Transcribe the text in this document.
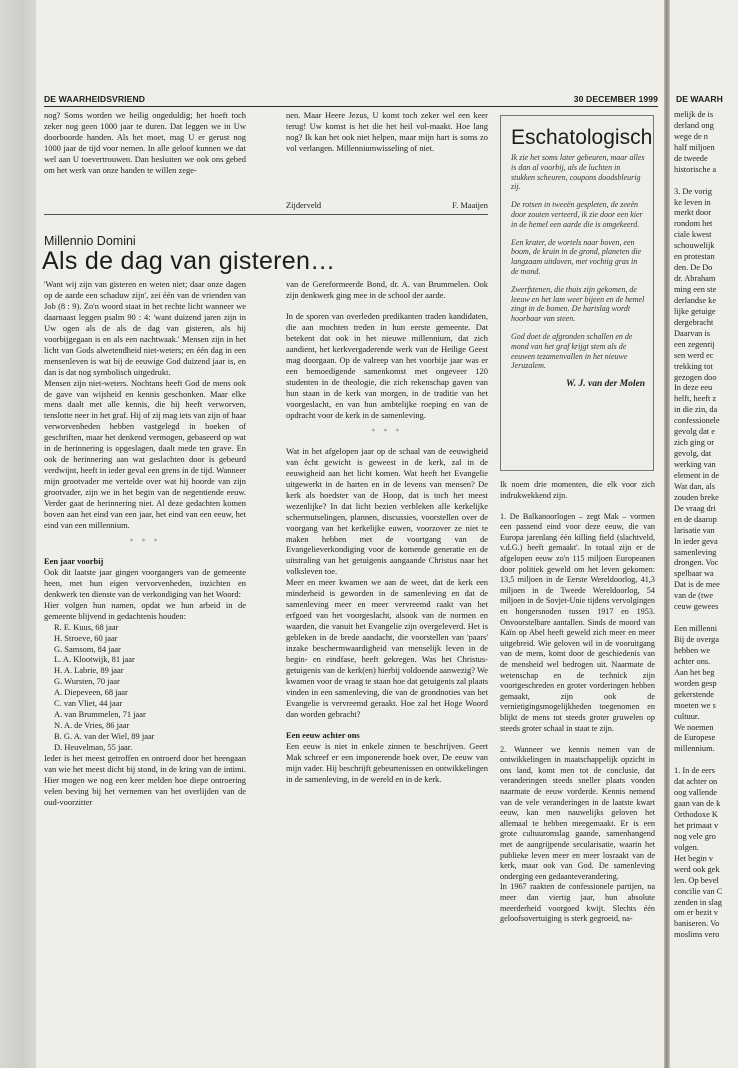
DE WAARHEIDSVRIEND	30 DECEMBER 1999

nog? Soms worden we heilig ongeduldig; het hoeft toch zeker nog geen 1000 jaar te duren. Dat leggen we in Uw doorboorde handen. Als het moet, mag U er gerust nog 1000 jaar de tijd voor nemen. In alle geloof kunnen we dat wel aan U toevertrouwen. Dan besluiten we ook ons gebed om het werk van onze handen te willen zege-

nen. Maar Heere Jezus, U komt toch zeker wel een keer terug! Uw komst is het die het heil vol-maakt. Hoe lang nog? Ik kan het ook niet helpen, maar mijn hart is soms zo vol verlangen. Millenniumwisseling of niet.

Zijderveld	F. Maaijen
Millennio Domini
Als de dag van gisteren…

'Want wij zijn van gisteren en weten niet; daar onze dagen op de aarde een schaduw zijn', zei één van de vrienden van Job (8 : 9). Zo'n woord staat in het rechte licht wanneer we daarnaast leggen psalm 90 : 4: 'want duizend jaren zijn in Uw ogen als de als de dag van gisteren, als hij voorbijgegaan is en als een nachtwaak.' Mensen zijn in het licht van Gods alwetendheid niet-weters; en één dag in een mensenleven is wat bij de eeuwige God duizend jaar is, en dan is dat nog symbolisch uitgedrukt.

Mensen zijn niet-weters. Nochtans heeft God de mens ook de gave van wijsheid en kennis geschonken. Maar elke mens daalt met alle kennis, die hij heeft verworven, tenslotte neer in het graf. Hij of zij mag iets van zijn of haar verworvenheden hebben vastgelegd in boeken of geschriften, maar het denkend vermogen, gebaseerd op wat in de herinnering is opgeslagen, daalt mede ten grave. En ook de herinnering aan wat geslachten door is gebeurd verdwijnt, heeft in ieder geval een grens in de tijd. Wanneer mijn grootvader me vertelde over wat hij hoorde van zijn grootvader, zijn we in het begin van de negentiende eeuw. Verder gaat de herinnering niet. Al deze gedachten komen boven aan het eind van een jaar, het eind van een eeuw, het eind van een millennium.

* * *

Een jaar voorbij

Ook dit laatste jaar gingen voorgangers van de gemeente heen, met hun eigen vervorvenheden, inzichten en denkwerk ten dienste van de verkondiging van het Woord:

Hier volgen hun namen, opdat we hun arbeid in de gemeente blijvend in gedachtenis houden:

R. E. Kuus, 68 jaar

H. Stroeve, 60 jaar

G. Samsom, 84 jaar

L. A. Klootwijk, 81 jaar

H. A. Labrie, 89 jaar

G. Wursten, 70 jaar

A. Diepeveen, 68 jaar

C. van Vliet, 44 jaar

A. van Brummelen, 71 jaar

N. A. de Vries, 86 jaar

B. G. A. van der Wiel, 89 jaar

D. Heuvelman, 55 jaar.

Ieder is het meest getroffen en ontroerd door het heengaan van wie het meest dicht bij stond, in de kring van de intimi. Hier mogen we nog een keer melden hoe diepe ontroering velen beving bij het vernemen van het overlijden van de oud-voorzitter

van de Gereformeerde Bond, dr. A. van Brummelen. Ook zijn denkwerk ging mee in de school der aarde.

In de sporen van overleden predikanten traden kandidaten, die aan mochten treden in hun eerste gemeente. Dat betekent dat ook in het nieuwe millennium, dat zich aandient, het kerkvergaderende werk van de Heilige Geest mag doorgaan. Op de valreep van het voorbije jaar was er een bemoedigende samenkomst met ongeveer 120 studenten in de theologie, die zich rekenschap gaven van hun staan in de kerk van morgen, in de traditie van het voorgeslacht, en van hun ambtelijke roeping en van de opdracht voor de kerk in de samenleving.

* * *

Wat in het afgelopen jaar op de schaal van de eeuwigheid van ècht gewicht is geweest in de kerk, zal in de eeuwigheid aan het licht komen. Wat heeft het Evangelie uitgewerkt in de harten en in de levens van mensen? De kerk als hoedster van de Hoop, dat is toch het meest wezenlijke? In dat licht bezien verbleken alle kerkelijke schermutselingen, plannen, discussies, voorstellen over de voorgang van het kerkelijke euwen, voorzover ze niet te maken hebben met de voortgang van de Evangelieverkondiging voor de komende generatie en de uitstraling van het getuigenis aangaande Christus naar het volksleven toe.

Meer en meer kwamen we aan de weet, dat de kerk een minderheid is geworden in de samenleving en dat de samenleving meer en meer vervreemd raakt van het erfgoed van het voorgeslacht, alsook van de normen en waarden, die vanuit het Evangelie zijn overgeleverd. Het is gebleken in de brede aandacht, die voorstellen van 'paars' inzake beschermwaardigheid van menselijk leven in de begin- en eindfase, heeft gekregen. Was het Christus-getuigenis van de kerk(en) hierbij voldoende aanwezig? We kwamen voor de vraag te staan hoe dat getuigenis zal plaats vinden in een samenleving, die van de grondnoties van het Evangelie is vervreemd geraakt. Hoe zal het Hoge Woord dan worden gebracht?

Een eeuw achter ons

Een eeuw is niet in enkele zinnen te beschrijven. Geert Mak schreef er een imponerende boek over, De eeuw van mijn vader. Hij beschrijft gebeurtenissen en ontwikkelingen in de samenleving, in de wereld en in de kerk.

Eschatologisch

Ik zie het soms later gebeuren, maar alles is dan al voorbij, als de luchten in stukken scheuren, coupons doodsbleurig zij.

De rotsen in tweeën gespleten, de zeeën door zouten verteerd, ik zie door een kier in de hemel een aarde die is omgekeerd.

Een krater, de wortels naar boven, een boom, de kruin in de grond, planeten die langzaam uitdoven, met vochtig gras in de mond.

Zwerfstenen, die thuis zijn gekomen, de leeuw en het lam weer bijeen en de hemel zingt in de bomen. De hartslag wordt hoorbaar van steen.

God doet de afgronden schallen en de mond van het graf krijgt stem als de eeuwen tezamenvallen in het nieuwe Jeruzalem.

W. J. van der Molen

Ik noem drie momenten, die elk voor zich indrukwekkend zijn.

1. De Balkanoorlogen – zegt Mak – vormen een passend eind voor deze eeuw, die van Europa jarenlang één killing field (slachtveld, v.d.G.) heeft gemaakt'. In totaal zijn er de afgelopen eeuw zo'n 115 miljoen Europeanen door politiek geweld om het leven gekomen: 13,5 miljoen in de Eerste Wereldoorlog, 41,3 miljoen in de Tweede Wereldoorlog, 54 miljoen in de Sovjet-Unie tijdens vervolgingen en hongersnoden tussen 1917 en 1953. Onvoorstelbare aantallen. Sinds de moord van Kaïn op Abel heeft geweld zich meer en meer uitgebreid. Wie geloven wil in de vooruitgang van de mens, komt door de geschiedenis van de mensheid wel bedrogen uit. Naarmate de wetenschap en de technick zijn voortgeschreden en groter vorderingen hebben gemaakt, zijn ook de vernietigingsmogelijkheden toegenomen en blijkt de mens tot steeds groter gruwelen op steeds groter schaal in staat te zijn.

2. Wanneer we kennis nemen van de ontwikkelingen in maatschappelijk opzicht in ons land, komt men tot de conclusie, dat veranderingen steeds sneller plaats vonden naarmate de eeuw vorderde. Kennis nemend van de vele veranderingen in de laatste kwart eeuw, kan men nauwelijks geloven het allemaal te hebben meegemaakt. Er is een grote cultuuromslag gaande, samenhangend met de aangrijpende secularisatie, waarin het publieke leven meer en meer losraakt van de kerk, maar ook van God. De samenleving onderging een gedaanteverandering.

In 1967 raakten de confessionele partijen, na meer dan viertig jaar, hun absolute meerderheid voorgoed kwijt. Slechts één geloofsovertuiging is sterk gegroeid, na-

DE WAARH
melijk de is
derland ong
wege de n
half miljoen
de tweede
historische a
3. De vorig
ke leven in
merkt door
rondom het
ciale kwest
schouwelijk
en protestan
den. De Do
dr. Abraham
ming een ste
derlandse ke
lijke getuige
dergebracht
Daarvan is
een zegenrij
sen werd ec
trekking tot
gezogen doo
In deze eeu
helft, heeft z
in die zin, da
confessionele
gevolg dat e
zich ging or
gevolg, dat
werking van
element in de
Wat dan, als
zouden breke
De vraag dri
en de daarop
larisatie van
In ieder geva
samenleving
drongen. Voc
spelbaar wa
Dat is de mee
van de (twe
ceuw gewees
Een millenni
Bij de overga
hebben we
achter ons.
Aan het beg
worden gesp
gekerstende
moeten we s
cultuur.
We noemen
de Europese
millennium.
1. In de eers
dat achter on
oog vallende
gaan van de k
Orthodoxe K
het primaat v
nog vele gro
volgen.
Het begin v
werd ook gek
len. Op bevel
concilie van C
zenden in slag
om er bezit v
baniseren. Vo
moslims vero
